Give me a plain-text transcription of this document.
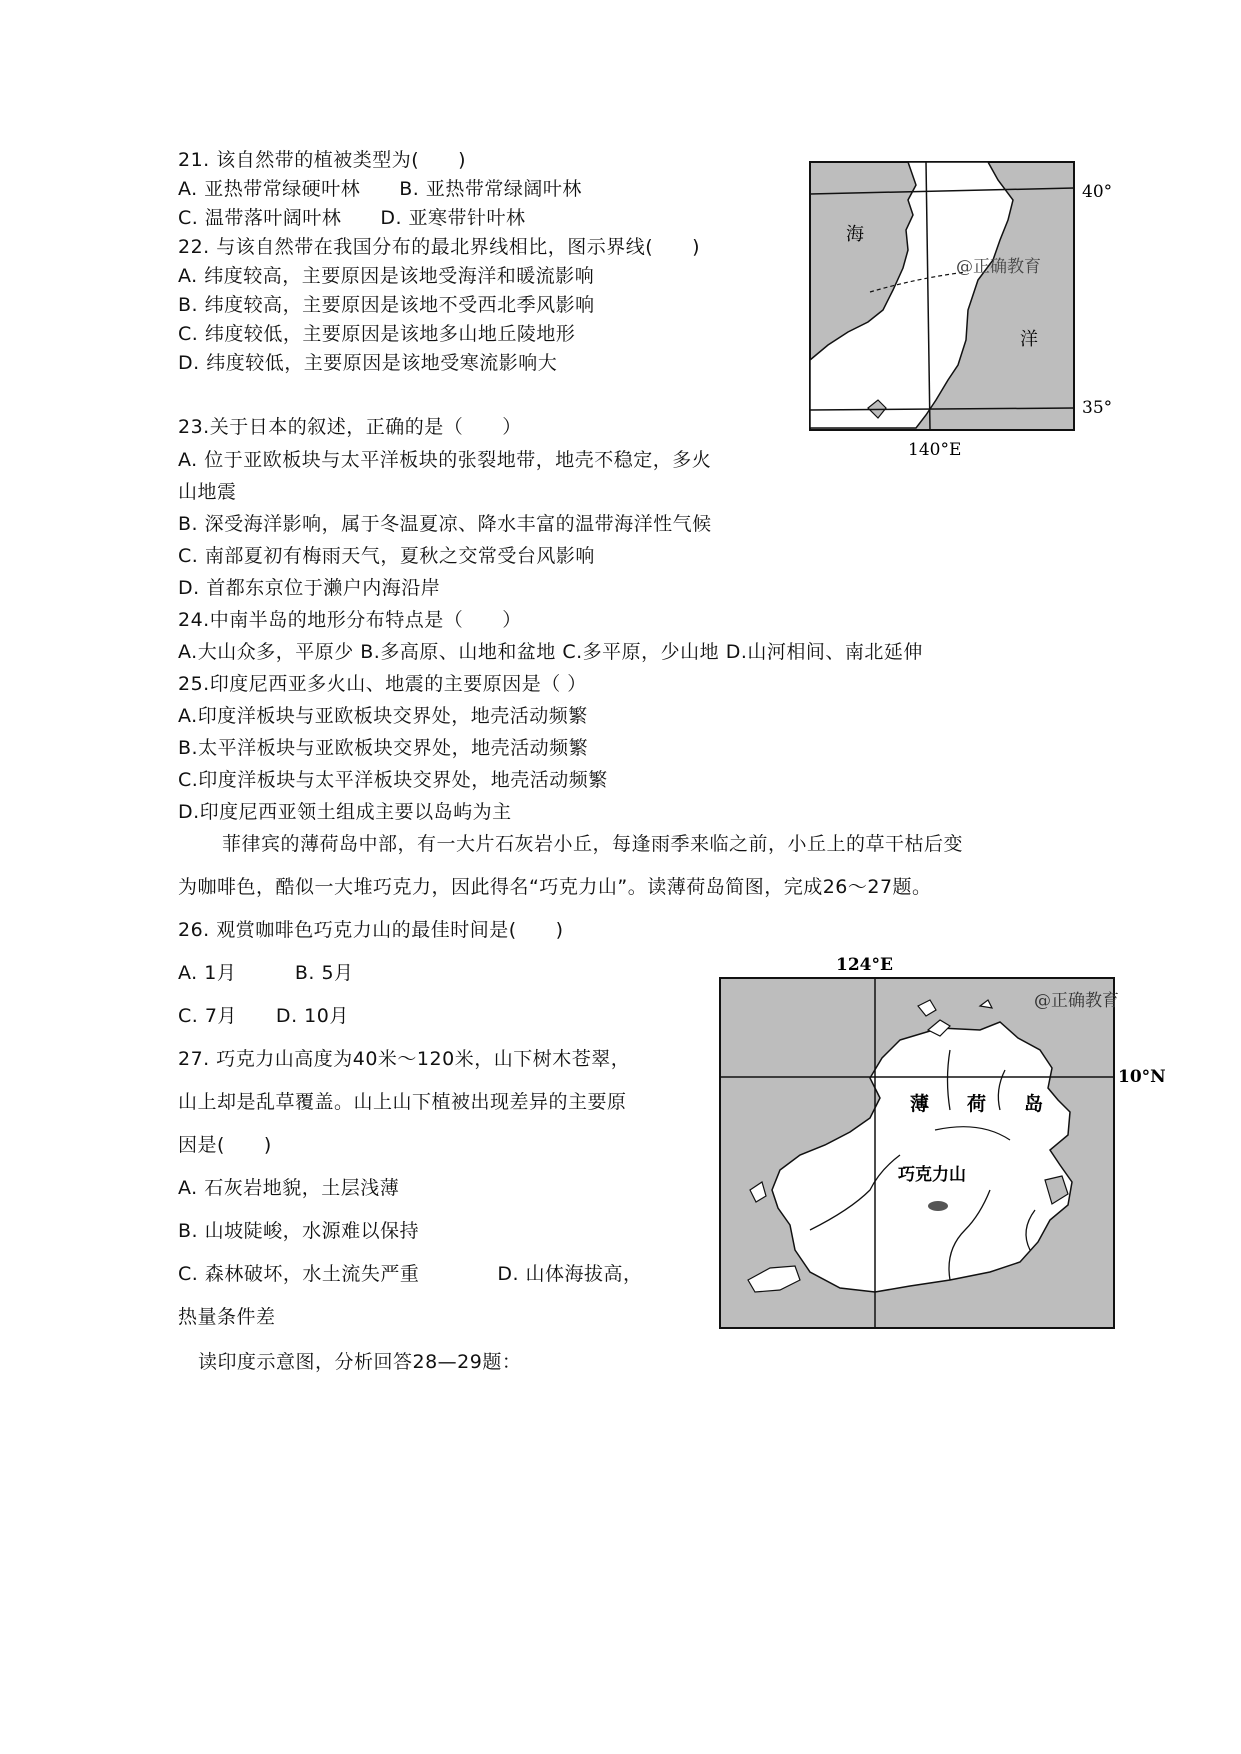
21. 该自然带的植被类型为(　　)
A. 亚热带常绿硬叶林　　B. 亚热带常绿阔叶林
C. 温带落叶阔叶林　　D. 亚寒带针叶林
22. 与该自然带在我国分布的最北界线相比，图示界线(　　)
A. 纬度较高，主要原因是该地受海洋和暖流影响
B. 纬度较高，主要原因是该地不受西北季风影响
C. 纬度较低，主要原因是该地多山地丘陵地形
D. 纬度较低，主要原因是该地受寒流影响大
23.关于日本的叙述，正确的是（　　）
A. 位于亚欧板块与太平洋板块的张裂地带，地壳不稳定，多火
山地震
B. 深受海洋影响，属于冬温夏凉、降水丰富的温带海洋性气候
C. 南部夏初有梅雨天气，夏秋之交常受台风影响
D. 首都东京位于濑户内海沿岸
24.中南半岛的地形分布特点是（　　）
A.大山众多，平原少 B.多高原、山地和盆地 C.多平原，少山地 D.山河相间、南北延伸
25.印度尼西亚多火山、地震的主要原因是（ ）
A.印度洋板块与亚欧板块交界处，地壳活动频繁
B.太平洋板块与亚欧板块交界处，地壳活动频繁
C.印度洋板块与太平洋板块交界处，地壳活动频繁
D.印度尼西亚领土组成主要以岛屿为主
菲律宾的薄荷岛中部，有一大片石灰岩小丘，每逢雨季来临之前，小丘上的草干枯后变
为咖啡色，酷似一大堆巧克力，因此得名“巧克力山”。读薄荷岛简图，完成26～27题。
26. 观赏咖啡色巧克力山的最佳时间是(　　)
A. 1月　　　B. 5月
C. 7月　　D. 10月
27. 巧克力山高度为40米～120米，山下树木苍翠，
山上却是乱草覆盖。山上山下植被出现差异的主要原
因是(　　)
A. 石灰岩地貌，土层浅薄
B. 山坡陡峻，水源难以保持
C. 森林破坏，水土流失严重　　　　D. 山体海拔高，
热量条件差
读印度示意图，分析回答28—29题：
40°
35°
140°E
海
洋
@正确教育
124°E
10°N
薄　　荷　　岛
巧克力山
@正确教育
